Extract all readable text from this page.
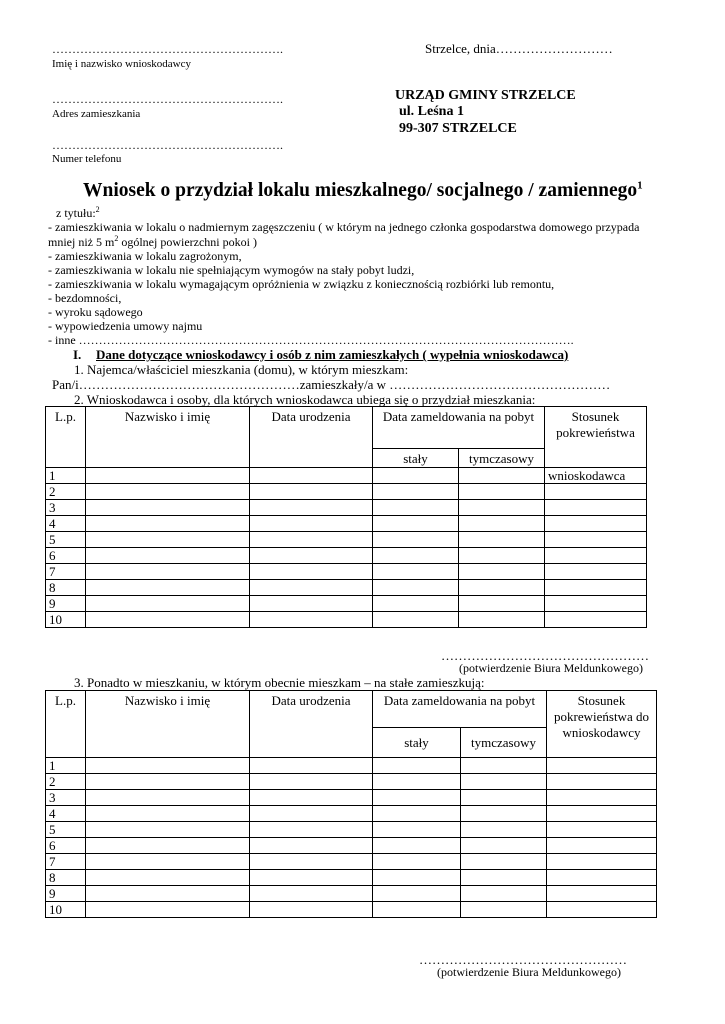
………………………………………………….
Imię i nazwisko wnioskodawcy
………………………………………………….
Adres zamieszkania
………………………………………………….
Numer telefonu
Strzelce, dnia………………………
URZĄD GMINY STRZELCE
ul. Leśna 1
99-307 STRZELCE
Wniosek o przydział lokalu mieszkalnego/ socjalnego / zamiennego$^1$
z tytułu:$^2$
- zamieszkiwania w lokalu o nadmiernym zagęszczeniu ( w którym na jednego członka gospodarstwa domowego przypada
mniej niż 5 $m^2$ ogólnej powierzchni pokoi )
- zamieszkiwania w lokalu zagrożonym,
- zamieszkiwania w lokalu nie spełniającym wymogów na stały pobyt ludzi,
- zamieszkiwania w lokalu wymagającym opróżnienia w związku z koniecznością rozbiórki lub remontu,
- bezdomności,
- wyroku sądowego
- wypowiedzenia umowy najmu
- inne …………………………………………………………………………………………………………….
I. Dane dotyczące wnioskodawcy i osób z nim zamieszkałych ( wypełnia wnioskodawca)
1. Najemca/właściciel mieszkania (domu), w którym mieszkam:
Pan/i……………………………………………zamieszkały/a w ……………………………………………
2. Wnioskodawca i osoby, dla których wnioskodawca ubiega się o przydział mieszkania:
L.p.	Nazwisko i imię	Data urodzenia	Data zameldowania na pobyt		Stosunek pokrewieństwa
			stały	tymczasowy	
1					wnioskodawca
2					
3					
4					
5					
6					
7					
8					
9					
10					
…………………………………………
(potwierdzenie Biura Meldunkowego)
3. Ponadto w mieszkaniu, w którym obecnie mieszkam – na stałe zamieszkują:
L.p.	Nazwisko i imię	Data urodzenia	Data zameldowania na pobyt		Stosunek pokrewieństwa do wnioskodawcy
			stały	tymczasowy	
1					
2					
3					
4					
5					
6					
7					
8					
9					
10					
…………………………………………
(potwierdzenie Biura Meldunkowego)
